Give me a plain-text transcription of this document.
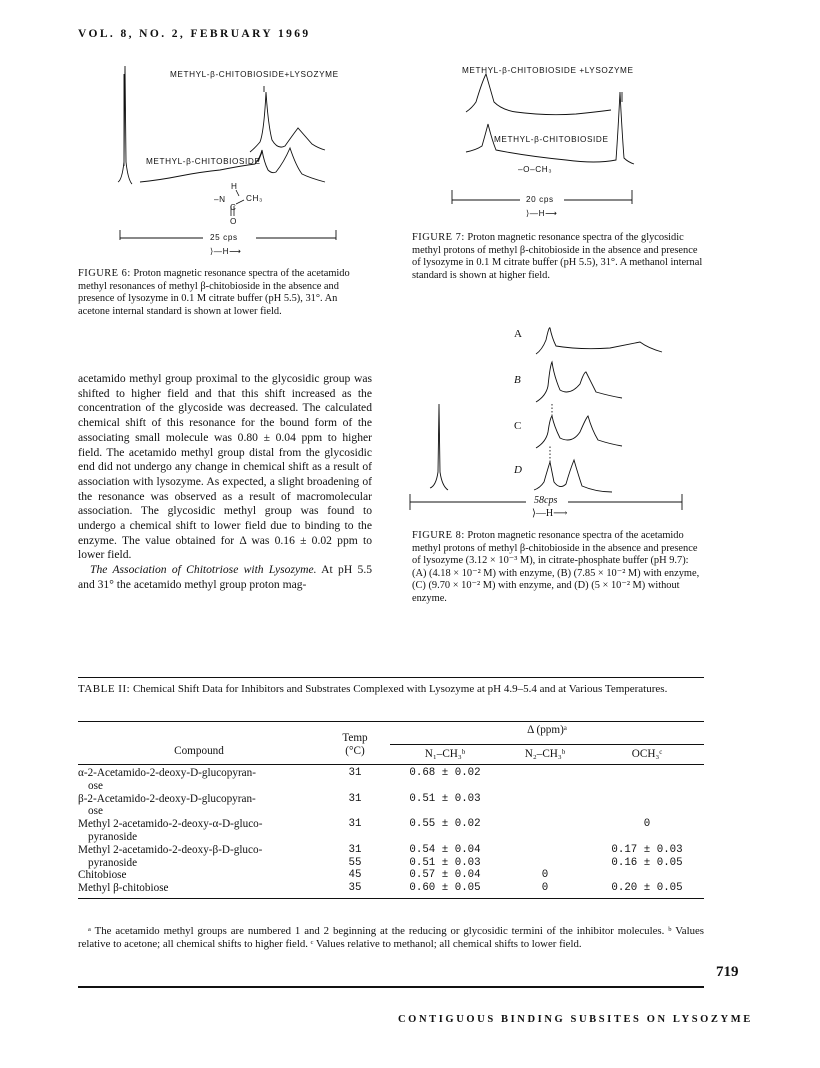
VOL. 8, NO. 2, FEBRUARY 1969
METHYL-β-CHITOBIOSIDE+LYSOZYME
METHYL-β-CHITOBIOSIDE
H
–N CH₃
C
O
25 cps
⟩—H⟶
FIGURE 6: Proton magnetic resonance spectra of the acetamido methyl resonances of methyl β-chitobioside in the absence and presence of lysozyme in 0.1 M citrate buffer (pH 5.5), 31°. An acetone internal standard is shown at lower field.
METHYL-β-CHITOBIOSIDE +LYSOZYME
METHYL-β-CHITOBIOSIDE
–O–CH₃
20 cps
⟩—H⟶
FIGURE 7: Proton magnetic resonance spectra of the glycosidic methyl protons of methyl β-chitobioside in the absence and presence of lysozyme in 0.1 M citrate buffer (pH 5.5), 31°. A methanol internal standard is shown at higher field.
A
B
C
D
58cps
⟩—H⟶
FIGURE 8: Proton magnetic resonance spectra of the acetamido methyl protons of methyl β-chitobioside in the absence and presence of lysozyme (3.12 × 10⁻³ M), in citrate-phosphate buffer (pH 9.7): (A) (4.18 × 10⁻² M) with enzyme, (B) (7.85 × 10⁻² M) with enzyme, (C) (9.70 × 10⁻² M) with enzyme, and (D) (5 × 10⁻² M) without enzyme.

acetamido methyl group proximal to the glycosidic group was shifted to higher field and that this shift increased as the concentration of the glycoside was decreased. The calculated chemical shift of this resonance for the bound form of the associating small molecule was 0.80 ± 0.04 ppm to higher field. The acetamido methyl group distal from the glycosidic end did not undergo any change in chemical shift as a result of association with lysozyme. As expected, a slight broadening of the resonance was observed as a result of macromolecular association. The glycosidic methyl group was found to undergo a chemical shift to lower field due to binding to the enzyme. The value obtained for Δ was 0.16 ± 0.02 ppm to lower field.

The Association of Chitotriose with Lysozyme. At pH 5.5 and 31° the acetamido methyl group proton mag-

TABLE II: Chemical Shift Data for Inhibitors and Substrates Complexed with Lysozyme at pH 4.9–5.4 and at Various Temperatures.
	Temp	Δ (ppm)ᵃ		
Compound	(°C)	N₁–CH₃ᵇ	N₂–CH₃ᵇ	OCH₃ᶜ

α-2-Acetamido-2-deoxy-D-glucopyran-	31	0.68 ± 0.02		
ose				
β-2-Acetamido-2-deoxy-D-glucopyran-	31	0.51 ± 0.03		
ose				
Methyl 2-acetamido-2-deoxy-α-D-gluco-	31	0.55 ± 0.02		0
pyranoside				
Methyl 2-acetamido-2-deoxy-β-D-gluco-	31	0.54 ± 0.04		0.17 ± 0.03
pyranoside	55	0.51 ± 0.03		0.16 ± 0.05
Chitobiose	45	0.57 ± 0.04	0	
Methyl β-chitobiose	35	0.60 ± 0.05	0	0.20 ± 0.05

ᵃ The acetamido methyl groups are numbered 1 and 2 beginning at the reducing or glycosidic termini of the inhibitor molecules. ᵇ Values relative to acetone; all chemical shifts to higher field. ᶜ Values relative to methanol; all chemical shifts to lower field.
719
CONTIGUOUS BINDING SUBSITES ON LYSOZYME
